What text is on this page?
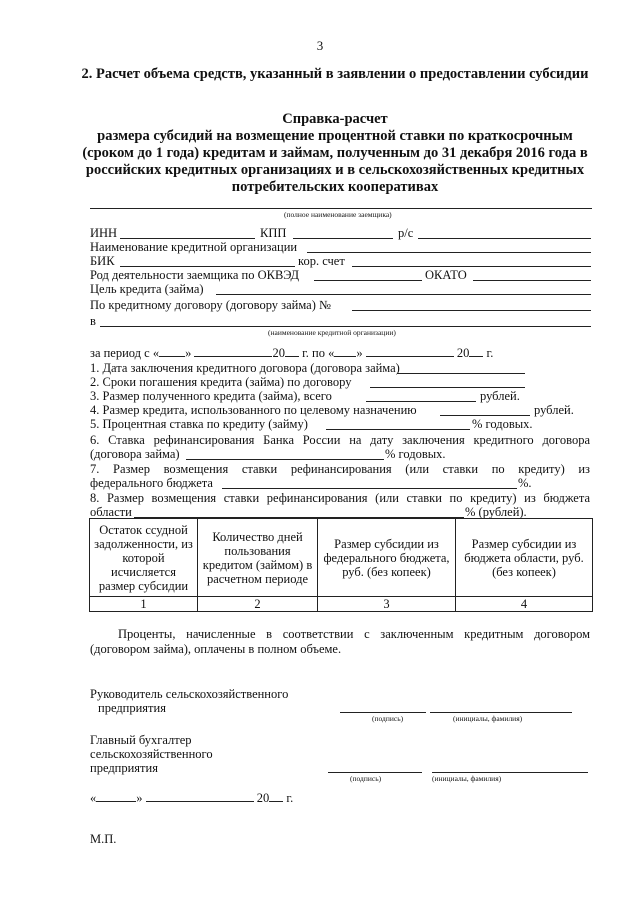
3
2. Расчет объема средств, указанный в заявлении о предоставлении субсидии
Справка-расчет
размера субсидий на возмещение процентной ставки по краткосрочным (сроком до 1 года) кредитам и займам, полученным до 31 декабря 2016 года в российских кредитных организациях и в сельскохозяйственных кредитных потребительских кооперативах
(полное наименование заемщика)
ИНН	КПП	р/с
Наименование кредитной организации
БИК	кор. счет
Род деятельности заемщика по ОКВЭД	ОКАТО
Цель кредита (займа)
По кредитному договору (договору займа) №
в
(наименование кредитной организации)
за период с « »	20 г. по « »	20 г.
1. Дата заключения кредитного договора (договора займа)
2. Сроки погашения кредита (займа) по договору
3. Размер полученного кредита (займа), всего	рублей.
4. Размер кредита, использованного по целевому назначению	рублей.
5. Процентная ставка по кредиту (займу)	% годовых.
6. Ставка рефинансирования Банка России на дату заключения кредитного договора
(договора займа)	% годовых.
7. Размер возмещения ставки рефинансирования (или ставки по кредиту) из
федерального бюджета	%.
8. Размер возмещения ставки рефинансирования (или ставки по кредиту) из бюджета
области	% (рублей).
Остаток ссудной задолженности, из которой исчисляется размер субсидии	Количество дней пользования кредитом (займом) в расчетном периоде	Размер субсидии из федерального бюджета, руб. (без копеек)	Размер субсидии из бюджета области, руб. (без копеек)
1	2	3	4
Проценты, начисленные в соответствии с заключенным кредитным договором (договором займа), оплачены в полном объеме.
Руководитель сельскохозяйственного
предприятия
(подпись)	(инициалы, фамилия)
Главный бухгалтер
сельскохозяйственного
предприятия
(подпись)	(инициалы, фамилия)
«	»	20 г.
М.П.
